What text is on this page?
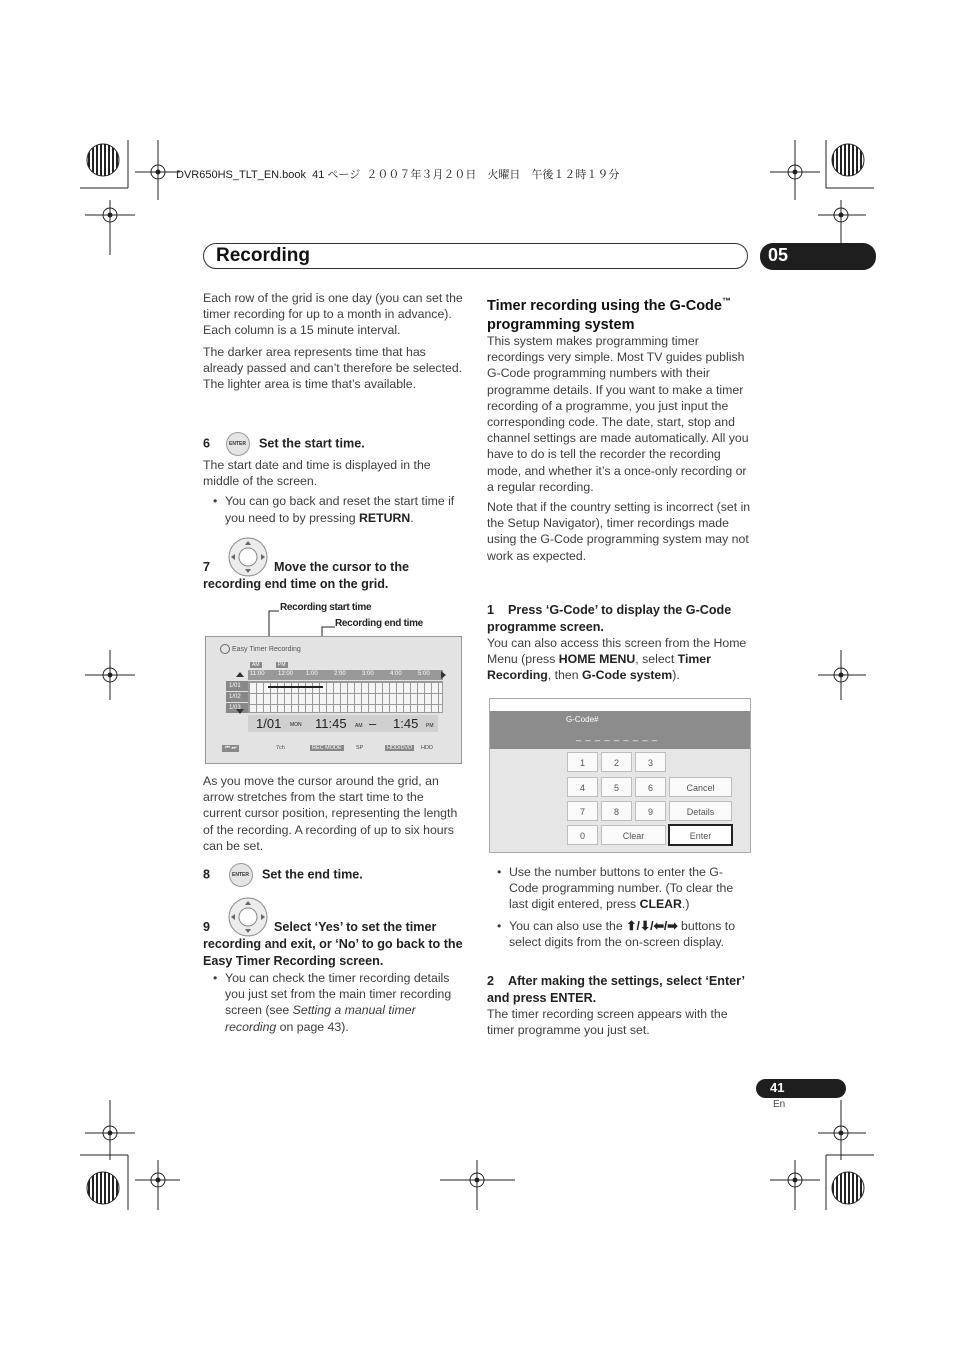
DVR650HS_TLT_EN.book  41 ページ  ２００７年３月２０日　火曜日　午後１２時１９分
Recording	05

Each row of the grid is one day (you can set the timer recording for up to a month in advance). Each column is a 15 minute interval.

The darker area represents time that has already passed and can’t therefore be selected. The lighter area is time that’s available.

6	ENTER Set the start time.

The start date and time is displayed in the middle of the screen.

• You can go back and reset the start time if you need to by pressing RETURN.

7	Move the cursor to the

recording end time on the grid.
Recording start time
Recording end time
Easy Timer Recording
AM	PM
11:00 12:00 1:00	2:00	3:00	4:00	5:00
1/01
1/02
1/03
1/01 MON 11:45 AM – 1:45 PM
⏮ ⏭	7ch	REC MODE	SP	HDD/DVD	HDD

As you move the cursor around the grid, an arrow stretches from the start time to the current cursor position, representing the length of the recording. A recording of up to six hours can be set.

8	ENTER Set the end time.
9	Select ‘Yes’ to set the timer

recording and exit, or ‘No’ to go back to the Easy Timer Recording screen.

• You can check the timer recording details you just set from the main timer recording screen (see Setting a manual timer recording on page 43).

Timer recording using the G-Code™
programming system

This system makes programming timer recordings very simple. Most TV guides publish G-Code programming numbers with their programme details. If you want to make a timer recording of a programme, you just input the corresponding code. The date, start, stop and channel settings are made automatically. All you have to do is tell the recorder the recording mode, and whether it’s a once-only recording or a regular recording.

Note that if the country setting is incorrect (set in the Setup Navigator), timer recordings made using the G-Code programming system may not work as expected.

1 Press ‘G-Code’ to display the G-Code programme screen.

You can also access this screen from the Home Menu (press HOME MENU, select Timer Recording, then G-Code system).

G-Code#
_ _ _ _ _ _ _ _ _
1	2	3
4	5	6	Cancel
7	8	9	Details
0	Clear	Enter

• Use the number buttons to enter the G-Code programming number. (To clear the last digit entered, press CLEAR.)

• You can also use the ⬆/⬇/⬅/➡ buttons to select digits from the on-screen display.

2 After making the settings, select ‘Enter’ and press ENTER.

The timer recording screen appears with the timer programme you just set.

41
En
